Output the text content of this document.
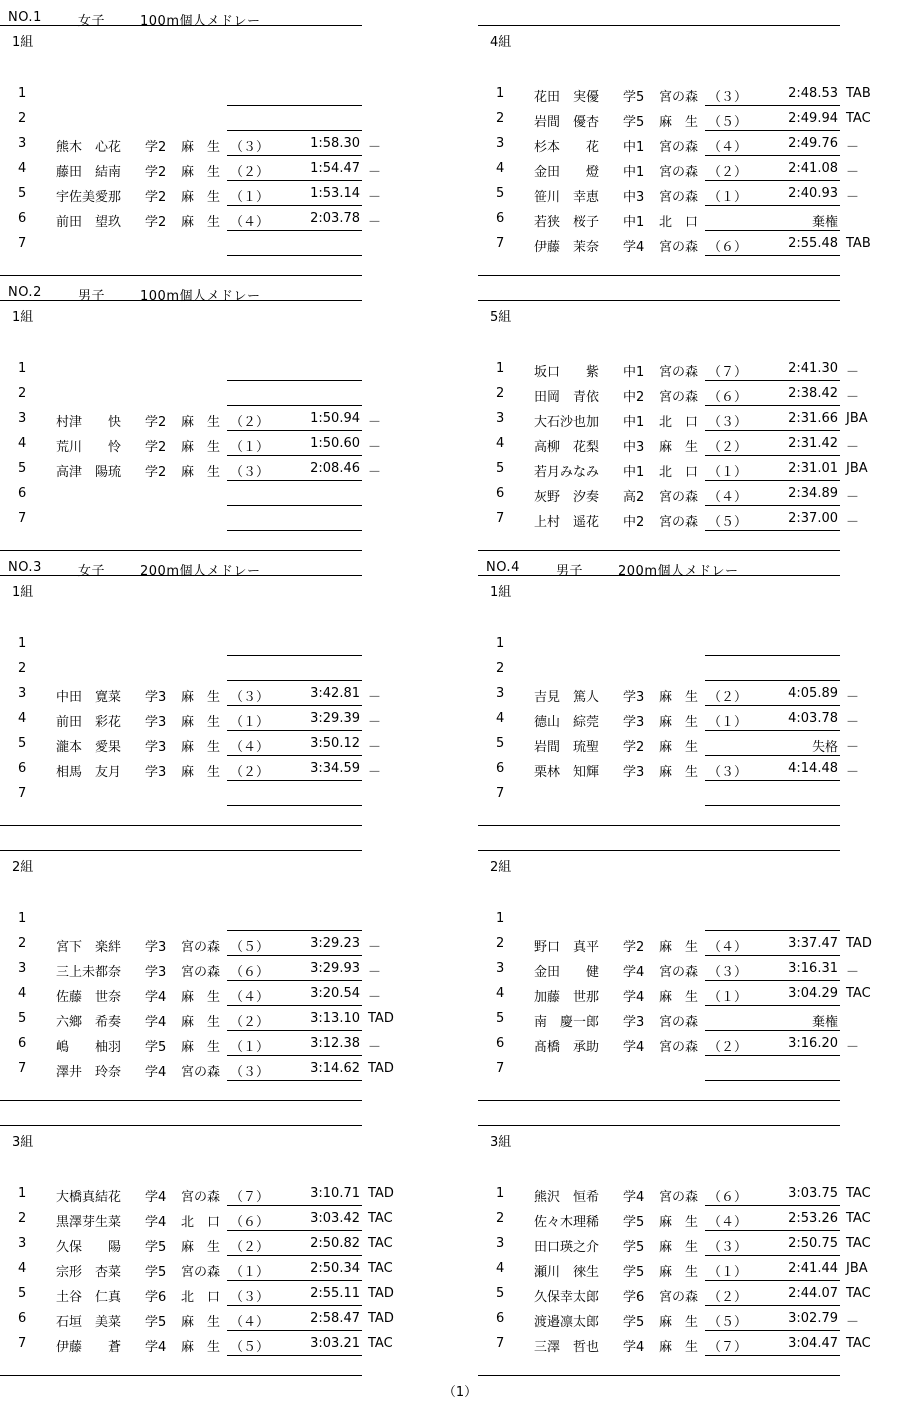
NO.1	女子	100m個人メドレー
1組
1
2
3 熊木　心花 学2 麻　生 （３）	1:58.30 －
4 藤田　結南 学2 麻　生 （２）	1:54.47 －
5 宇佐美愛那 学2 麻　生 （１）	1:53.14 －
6 前田　望玖 学2 麻　生 （４）	2:03.78 －
7
4組
1 花田　実優 学5 宮の森 （３）	2:48.53 TAB
2 岩間　優杏 学5 麻　生 （５）	2:49.94 TAC
3 杉本　　花 中1 宮の森 （４）	2:49.76 －
4 金田　　燈 中1 宮の森 （２）	2:41.08 －
5 笹川　幸恵 中3 宮の森 （１）	2:40.93 －
6 若狭　桜子 中1 北　口	棄権
7 伊藤　茉奈 学4 宮の森 （６）	2:55.48 TAB
NO.2	男子	100m個人メドレー
1組
1
2
3 村津　　快 学2 麻　生 （２）	1:50.94 －
4 荒川　　怜 学2 麻　生 （１）	1:50.60 －
5 高津　陽琉 学2 麻　生 （３）	2:08.46 －
6
7
5組
1 坂口　　紫 中1 宮の森 （７）	2:41.30 －
2 田岡　青依 中2 宮の森 （６）	2:38.42 －
3 大石沙也加 中1 北　口 （３）	2:31.66 JBA
4 高柳　花梨 中3 麻　生 （２）	2:31.42 －
5 若月みなみ 中1 北　口 （１）	2:31.01 JBA
6 灰野　汐奏 高2 宮の森 （４）	2:34.89 －
7 上村　遥花 中2 宮の森 （５）	2:37.00 －
NO.3	女子	200m個人メドレー
1組
1
2
3 中田　寛菜 学3 麻　生 （３）	3:42.81 －
4 前田　彩花 学3 麻　生 （１）	3:29.39 －
5 瀧本　愛果 学3 麻　生 （４）	3:50.12 －
6 相馬　友月 学3 麻　生 （２）	3:34.59 －
7
2組
1
2 宮下　楽絆 学3 宮の森 （５）	3:29.23 －
3 三上未都奈 学3 宮の森 （６）	3:29.93 －
4 佐藤　世奈 学4 麻　生 （４）	3:20.54 －
5 六鄉　希奏 学4 麻　生 （２）	3:13.10 TAD
6 嶋　　柚羽 学5 麻　生 （１）	3:12.38 －
7 澤井　玲奈 学4 宮の森 （３）	3:14.62 TAD
3組
1 大橋真結花 学4 宮の森 （７）	3:10.71 TAD
2 黒澤芽生菜 学4 北　口 （６）	3:03.42 TAC
3 久保　　陽 学5 麻　生 （２）	2:50.82 TAC
4 宗形　杏菜 学5 宮の森 （１）	2:50.34 TAC
5 土谷　仁真 学6 北　口 （３）	2:55.11 TAD
6 石垣　美菜 学5 麻　生 （４）	2:58.47 TAD
7 伊藤　　蒼 学4 麻　生 （５）	3:03.21 TAC
NO.4	男子	200m個人メドレー
1組
1
2
3 吉見　篤人 学3 麻　生 （２）	4:05.89 －
4 德山　綜莞 学3 麻　生 （１）	4:03.78 －
5 岩間　琉聖 学2 麻　生	失格 －
6 栗林　知輝 学3 麻　生 （３）	4:14.48 －
7
2組
1
2 野口　真平 学2 麻　生 （４）	3:37.47 TAD
3 金田　　健 学4 宮の森 （３）	3:16.31 －
4 加藤　世那 学4 麻　生 （１）	3:04.29 TAC
5 南　慶一郎 学3 宮の森	棄権
6 髙橋　承助 学4 宮の森 （２）	3:16.20 －
7
3組
1 熊沢　恒希 学4 宮の森 （６）	3:03.75 TAC
2 佐々木理稀 学5 麻　生 （４）	2:53.26 TAC
3 田口瑛之介 学5 麻　生 （３）	2:50.75 TAC
4 瀬川　徠生 学5 麻　生 （１）	2:41.44 JBA
5 久保幸太郎 学6 宮の森 （２）	2:44.07 TAC
6 渡邉凛太郎 学5 麻　生 （５）	3:02.79 －
7 三澤　哲也 学4 麻　生 （７）	3:04.47 TAC
（1）
